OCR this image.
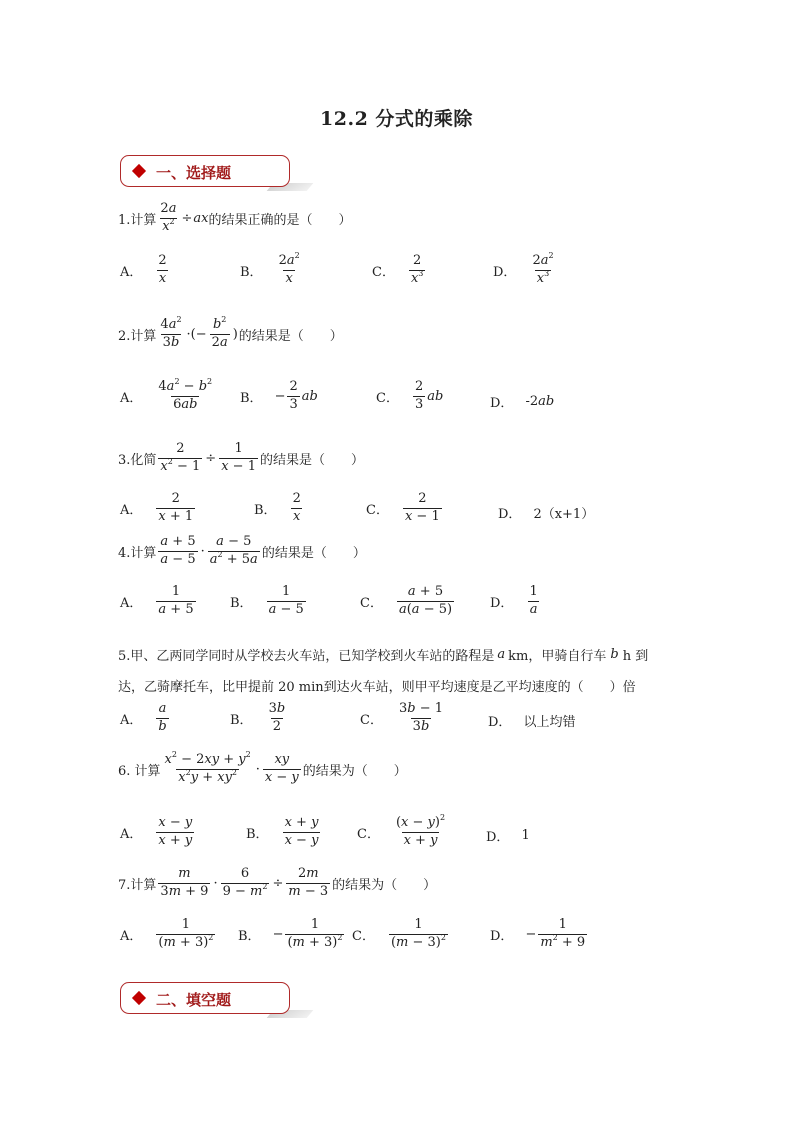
12.2 分式的乘除
一、选择题
1.计算 $\frac{2a}{x^2}$ ÷ ax 的结果正确的是（　　）
A． $\frac{2}{x}$	B． $\frac{2a^2}{x}$	C． $\frac{2}{x^3}$	D． $\frac{2a^2}{x^3}$
2.计算 $\frac{4a^2}{3b}$ ·(− $\frac{b^2}{2a}$ ) 的结果是（　　）
A． $\frac{4a^2 - b^2}{6ab}$ B． − $\frac{2}{3}$ ab	C． $\frac{2}{3}$ ab	D． -2 ab
3.化简 $\frac{2}{x^2 - 1} \div \frac{1}{x - 1}$ 的结果是（　　）
A． $\frac{2}{x + 1}$	B． $\frac{2}{x}$	C． $\frac{2}{x - 1}$	D． 2（x+1）
4.计算 $\frac{a + 5}{a - 5} \cdot \frac{a - 5}{a^2 + 5a}$ 的结果是（　　）
A． $\frac{1}{a + 5}$	B． $\frac{1}{a - 5}$	C． $\frac{a + 5}{a(a - 5)}$	D． $\frac{1}{a}$
5.甲、乙两同学同时从学校去火车站，已知学校到火车站的路程是 a km，甲骑自行车 b h 到
达，乙骑摩托车，比甲提前 20 min到达火车站，则甲平均速度是乙平均速度的（　　）倍
A． $\frac{a}{b}$	B． $\frac{3b}{2}$	C． $\frac{3b - 1}{3b}$	D． 以上均错
6. 计算 $\frac{x^2 - 2xy + y^2}{x^2y + xy^2} \cdot \frac{xy}{x - y}$ 的结果为（　　）
A． $\frac{x - y}{x + y}$	B． $\frac{x + y}{x - y}$	C． $\frac{(x - y)^2}{x + y}$	D． 1
7.计算 $\frac{m}{3m + 9} \cdot \frac{6}{9 - m^2} \div \frac{2m}{m - 3}$ 的结果为（　　）
A． $\frac{1}{(m + 3)^2}$ B． − $\frac{1}{(m + 3)^2}$ C． $\frac{1}{(m - 3)^2}$	D． − $\frac{1}{m^2 + 9}$
二、填空题
